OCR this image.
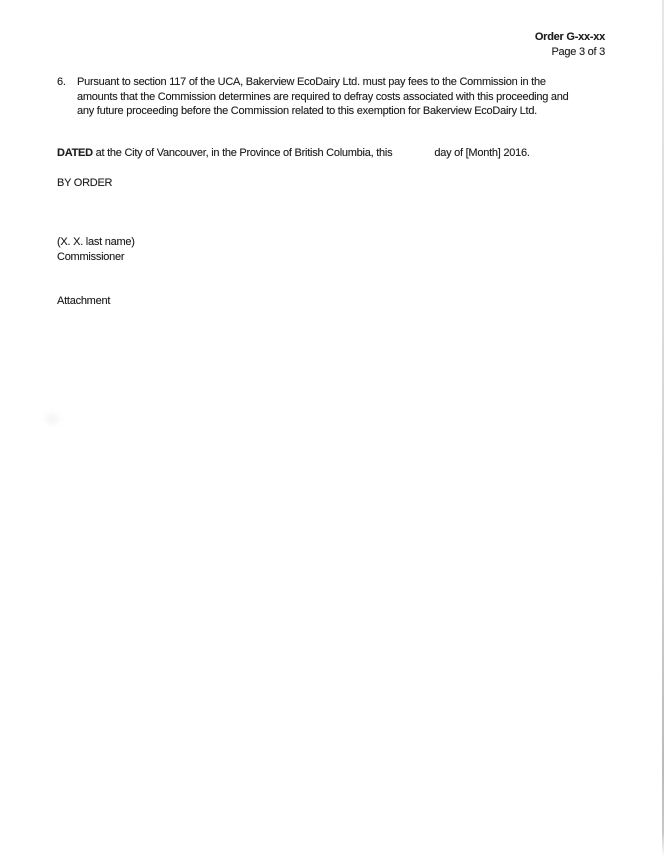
Order G-xx-xx
Page 3 of 3
6. Pursuant to section 117 of the UCA, Bakerview EcoDairy Ltd. must pay fees to the Commission in the
amounts that the Commission determines are required to defray costs associated with this proceeding and
any future proceeding before the Commission related to this exemption for Bakerview EcoDairy Ltd.
DATED at the City of Vancouver, in the Province of British Columbia, this	day of [Month] 2016.
BY ORDER
(X. X. last name)
Commissioner
Attachment
